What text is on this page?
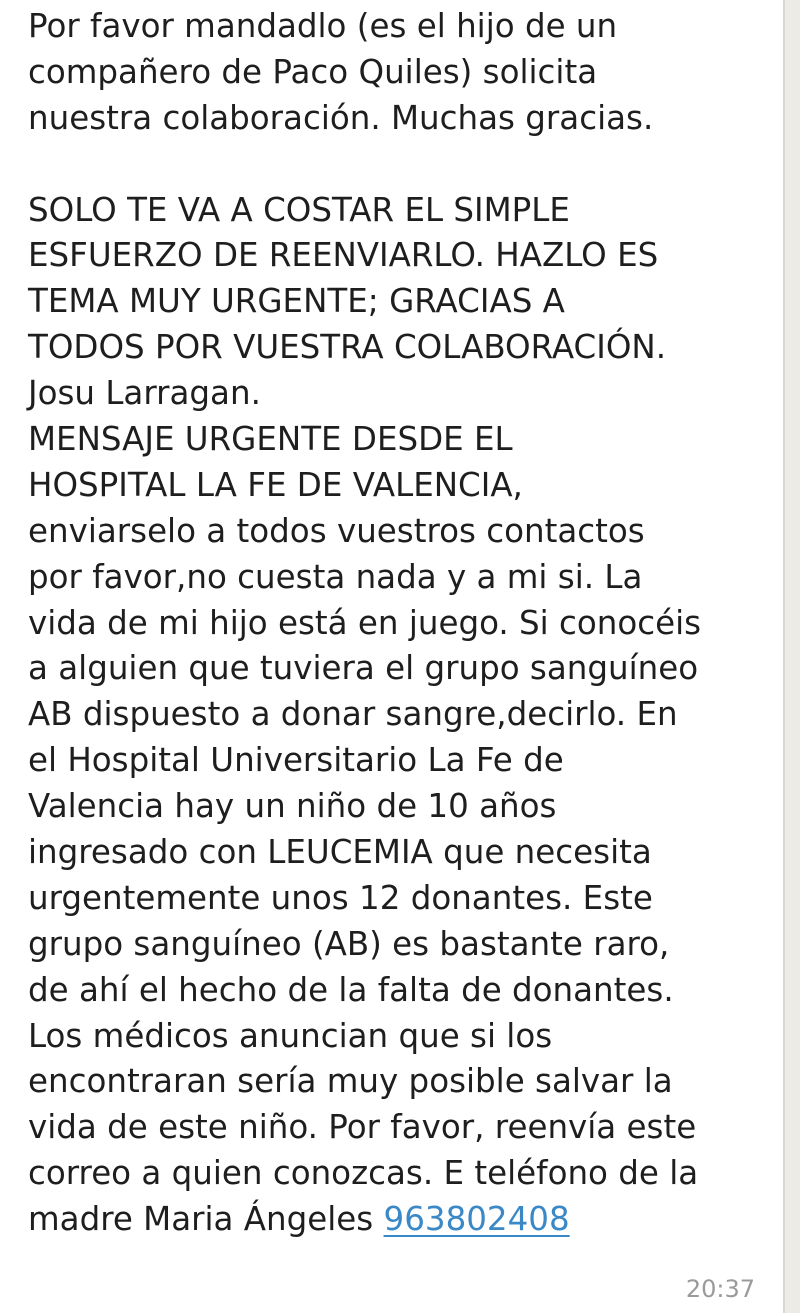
Por favor mandadlo (es el hijo de un
compañero de Paco Quiles) solicita
nuestra colaboración. Muchas gracias.
SOLO TE VA A COSTAR EL SIMPLE
ESFUERZO DE REENVIARLO. HAZLO ES
TEMA MUY URGENTE; GRACIAS A
TODOS POR VUESTRA COLABORACIÓN.
Josu Larragan.
MENSAJE URGENTE DESDE EL
HOSPITAL LA FE DE VALENCIA,
enviarselo a todos vuestros contactos
por favor,no cuesta nada y a mi si. La
vida de mi hijo está en juego. Si conocéis
a alguien que tuviera el grupo sanguíneo
AB dispuesto a donar sangre,decirlo. En
el Hospital Universitario La Fe de
Valencia hay un niño de 10 años
ingresado con LEUCEMIA que necesita
urgentemente unos 12 donantes. Este
grupo sanguíneo (AB) es bastante raro,
de ahí el hecho de la falta de donantes.
Los médicos anuncian que si los
encontraran sería muy posible salvar la
vida de este niño. Por favor, reenvía este
correo a quien conozcas. E teléfono de la
madre Maria Ángeles 963802408
20:37
